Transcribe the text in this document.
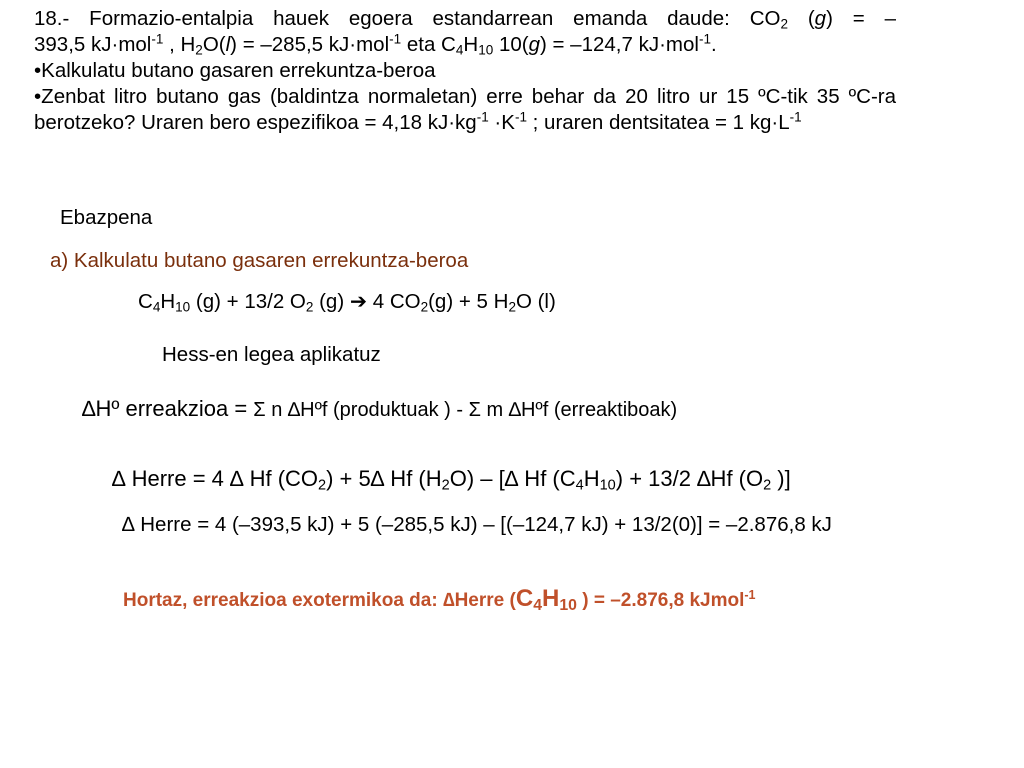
18.- Formazio-entalpia hauek egoera estandarrean emanda daude: $CO_2$ (g) = –

393,5 kJ·mol$^{-1}$ , $H_2O(l) = -285,5$ kJ·mol$^{-1}$ eta $C_4H_{10}$ 10(g) = –124,7 kJ·mol$^{-1}$.

•Kalkulatu butano gasaren errekuntza-beroa

•Zenbat litro butano gas (baldintza normaletan) erre behar da 20 litro ur 15 ºC-tik 35 ºC-ra berotzeko? Uraren bero espezifikoa = 4,18 $kJ\cdot kg^{-1} \cdot K^{-1}$ ; uraren dentsitatea = 1 $kg\cdot L^{-1}$

Ebazpena
a) Kalkulatu butano gasaren errekuntza-beroa
$C_4H_{10}$ (g) + 13/2 $O_2$ (g) ➔ 4 $CO_2(g) + 5$ $H_2O$ (l)
Hess-en legea aplikatuz
∆Hº erreakzioa = Σ n ∆Hºf (produktuak ) - Σ m ∆Hºf (erreaktiboak)
∆ Herre = 4 ∆ Hf $(CO_2) + 5\Delta$ Hf $(H_2O)$ – [∆ Hf $(C_4H_{10}) + 13/2$ ∆Hf ($O_2$ )]
∆ Herre = 4 (–393,5 kJ) + 5 (–285,5 kJ) – [(–124,7 kJ) + 13/2(0)] = –2.876,8 kJ
Hortaz, erreakzioa exotermikoa da: ∆Herre ($C_4H_{10}$ ) = –2.876,8 kJmol$^{-1}$
